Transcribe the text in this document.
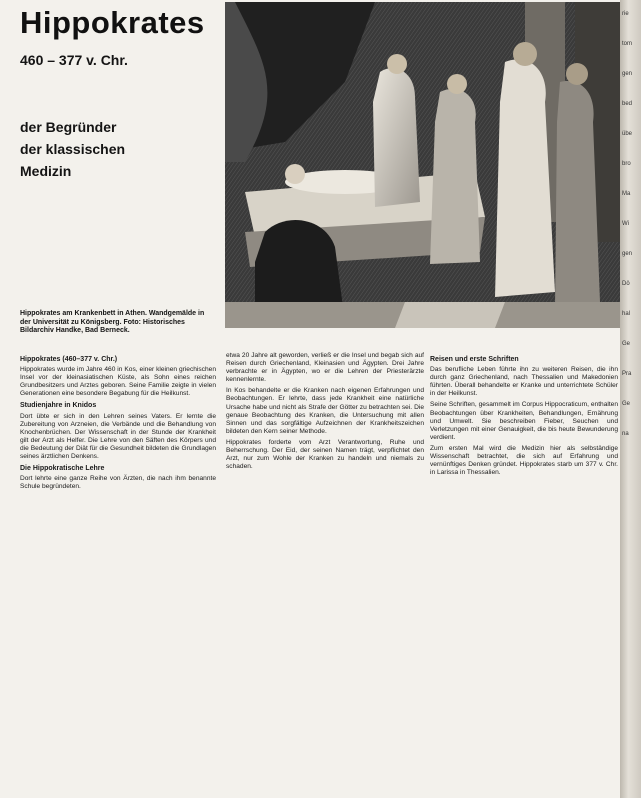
Hippokrates
460 – 377 v. Chr.
der Begründer
der klassischen
Medizin
Hippokrates am Krankenbett in Athen. Wandgemälde in der Universität zu Königsberg. Foto: Historisches Bildarchiv Handke, Bad Berneck.
Hippokrates (460–377 v. Chr.)

Hippokrates wurde im Jahre 460 in Kos, einer kleinen griechischen Insel vor der kleinasiatischen Küste, als Sohn eines reichen Grundbesitzers und Arztes geboren. Seine Familie zeigte in vielen Generationen eine besondere Begabung für die Heilkunst.

Studienjahre in Knidos

Dort übte er sich in den Lehren seines Vaters. Er lernte die Zubereitung von Arzneien, die Verbände und die Behandlung von Knochenbrüchen. Der Wissenschaft in der Stunde der Krankheit gilt der Arzt als Helfer. Die Lehre von den Säften des Körpers und die Bedeutung der Diät für die Gesundheit bildeten die Grundlagen seines ärztlichen Denkens.

Die Hippokratische Lehre

Dort lehrte eine ganze Reihe von Ärzten, die nach ihm benannte Schule begründeten.

etwa 20 Jahre alt geworden, verließ er die Insel und begab sich auf Reisen durch Griechenland, Kleinasien und Ägypten. Drei Jahre verbrachte er in Ägypten, wo er die Lehren der Priesterärzte kennenlernte.

In Kos behandelte er die Kranken nach eigenen Erfahrungen und Beobachtungen. Er lehrte, dass jede Krankheit eine natürliche Ursache habe und nicht als Strafe der Götter zu betrachten sei. Die genaue Beobachtung des Kranken, die Untersuchung mit allen Sinnen und das sorgfältige Aufzeichnen der Krankheitszeichen bildeten den Kern seiner Methode.

Hippokrates forderte vom Arzt Verantwortung, Ruhe und Beherrschung. Der Eid, der seinen Namen trägt, verpflichtet den Arzt, nur zum Wohle der Kranken zu handeln und niemals zu schaden.

Reisen und erste Schriften

Das berufliche Leben führte ihn zu weiteren Reisen, die ihn durch ganz Griechenland, nach Thessalien und Makedonien führten. Überall behandelte er Kranke und unterrichtete Schüler in der Heilkunst.

Seine Schriften, gesammelt im Corpus Hippocraticum, enthalten Beobachtungen über Krankheiten, Behandlungen, Ernährung und Umwelt. Sie beschreiben Fieber, Seuchen und Verletzungen mit einer Genauigkeit, die bis heute Bewunderung verdient.

Zum ersten Mal wird die Medizin hier als selbständige Wissenschaft betrachtet, die sich auf Erfahrung und vernünftiges Denken gründet. Hippokrates starb um 377 v. Chr. in Larissa in Thessalien.

rie
tom
gen
bed
übe
bro
Ma
Wi
gen
Dö
hal
Ge
Pra
Ge
na
